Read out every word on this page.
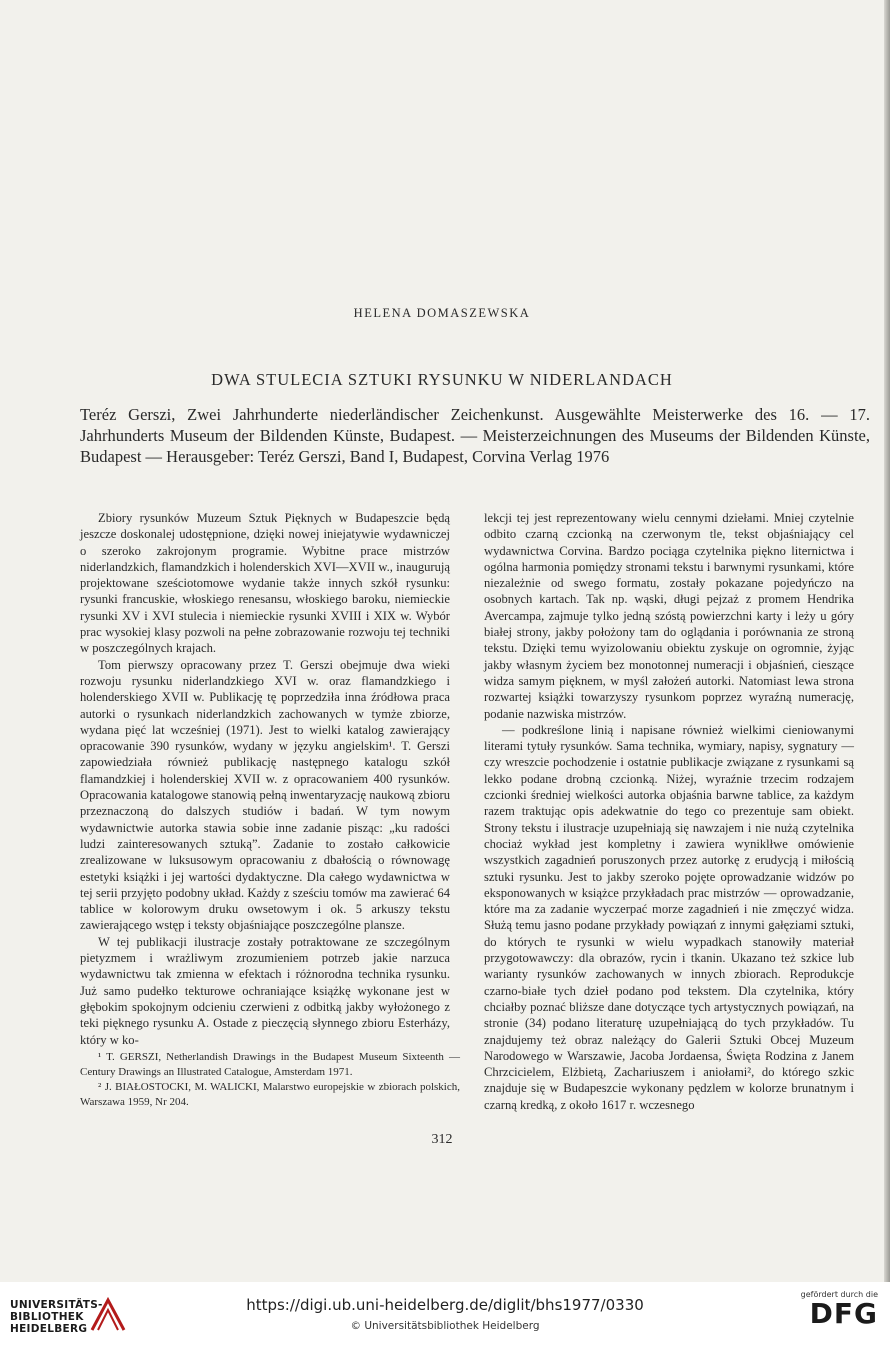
HELENA DOMASZEWSKA
DWA STULECIA SZTUKI RYSUNKU W NIDERLANDACH
Teréz Gerszi, Zwei Jahrhunderte niederländischer Zeichenkunst. Ausgewählte Meisterwerke des 16. — 17. Jahrhunderts Museum der Bildenden Künste, Budapest. — Meisterzeichnungen des Museums der Bildenden Künste, Budapest — Herausgeber: Teréz Gerszi, Band I, Budapest, Corvina Verlag 1976

Zbiory rysunków Muzeum Sztuk Pięknych w Budapeszcie będą jeszcze doskonalej udostępnione, dzięki nowej iniejatywie wydawniczej o szeroko zakrojonym programie. Wybitne prace mistrzów niderlandzkich, flamandzkich i holenderskich XVI—XVII w., inaugurują projektowane sześciotomowe wydanie także innych szkół rysunku: rysunki francuskie, włoskiego renesansu, włoskiego baroku, niemieckie rysunki XV i XVI stulecia i niemieckie rysunki XVIII i XIX w. Wybór prac wysokiej klasy pozwoli na pełne zobrazowanie rozwoju tej techniki w poszczególnych krajach.

Tom pierwszy opracowany przez T. Gerszi obejmuje dwa wieki rozwoju rysunku niderlandzkiego XVI w. oraz flamandzkiego i holenderskiego XVII w. Publikację tę poprzedziła inna źródłowa praca autorki o rysunkach niderlandzkich zachowanych w tymże zbiorze, wydana pięć lat wcześniej (1971). Jest to wielki katalog zawierający opracowanie 390 rysunków, wydany w języku angielskim¹. T. Gerszi zapowiedziała również publikację następnego katalogu szkół flamandzkiej i holenderskiej XVII w. z opracowaniem 400 rysunków. Opracowania katalogowe stanowią pełną inwentaryzację naukową zbioru przeznaczoną do dalszych studiów i badań. W tym nowym wydawnictwie autorka stawia sobie inne zadanie pisząc: „ku radości ludzi zainteresowanych sztuką”. Zadanie to zostało całkowicie zrealizowane w luksusowym opracowaniu z dbałością o równowagę estetyki książki i jej wartości dydaktyczne. Dla całego wydawnictwa w tej serii przyjęto podobny układ. Każdy z sześciu tomów ma zawierać 64 tablice w kolorowym druku owsetowym i ok. 5 arkuszy tekstu zawierającego wstęp i teksty objaśniające poszczególne plansze.

W tej publikacji ilustracje zostały potraktowane ze szczególnym pietyzmem i wrażliwym zrozumieniem potrzeb jakie narzuca wydawnictwu tak zmienna w efektach i różnorodna technika rysunku. Już samo pudełko tekturowe ochraniające książkę wykonane jest w głębokim spokojnym odcieniu czerwieni z odbitką jakby wyłożonego z teki pięknego rysunku A. Ostade z pieczęcią słynnego zbioru Esterházy, który w ko-

lekcji tej jest reprezentowany wielu cennymi dziełami. Mniej czytelnie odbito czarną czcionką na czerwonym tle, tekst objaśniający cel wydawnictwa Corvina. Bardzo pociąga czytelnika piękno liternictwa i ogólna harmonia pomiędzy stronami tekstu i barwnymi rysunkami, które niezależnie od swego formatu, zostały pokazane pojedyńczo na osobnych kartach. Tak np. wąski, długi pejzaż z promem Hendrika Avercampa, zajmuje tylko jedną szóstą powierzchni karty i leży u góry białej strony, jakby położony tam do oglądania i porównania ze stroną tekstu. Dzięki temu wyizolowaniu obiektu zyskuje on ogromnie, żyjąc jakby własnym życiem bez monotonnej numeracji i objaśnień, cieszące widza samym pięknem, w myśl założeń autorki. Natomiast lewa strona rozwartej książki towarzyszy rysunkom poprzez wyraźną numerację, podanie nazwiska mistrzów.

— podkreślone linią i napisane również wielkimi cieniowanymi literami tytuły rysunków. Sama technika, wymiary, napisy, sygnatury — czy wreszcie pochodzenie i ostatnie publikacje związane z rysunkami są lekko podane drobną czcionką. Niżej, wyraźnie trzecim rodzajem czcionki średniej wielkości autorka objaśnia barwne tablice, za każdym razem traktując opis adekwatnie do tego co prezentuje sam obiekt. Strony tekstu i ilustracje uzupełniają się nawzajem i nie nużą czytelnika chociaż wykład jest kompletny i zawiera wyniklłwe omówienie wszystkich zagadnień poruszonych przez autorkę z erudycją i miłością sztuki rysunku. Jest to jakby szeroko pojęte oprowadzanie widzów po eksponowanych w książce przykładach prac mistrzów — oprowadzanie, które ma za zadanie wyczerpać morze zagadnień i nie zmęczyć widza. Służą temu jasno podane przykłady powiązań z innymi gałęziami sztuki, do których te rysunki w wielu wypadkach stanowiły materiał przygotowawczy: dla obrazów, rycin i tkanin. Ukazano też szkice lub warianty rysunków zachowanych w innych zbiorach. Reprodukcje czarno-białe tych dzieł podano pod tekstem. Dla czytelnika, który chciałby poznać bliższe dane dotyczące tych artystycznych powiązań, na stronie (34) podano literaturę uzupełniającą do tych przykładów. Tu znajdujemy też obraz należący do Galerii Sztuki Obcej Muzeum Narodowego w Warszawie, Jacoba Jordaensa, Święta Rodzina z Janem Chrzcicielem, Elżbietą, Zachariuszem i aniołami², do którego szkic znajduje się w Budapeszcie wykonany pędzlem w kolorze brunatnym i czarną kredką, z około 1617 r. wczesnego

¹ T. GERSZI, Netherlandish Drawings in the Budapest Museum Sixteenth — Century Drawings an Illustrated Catalogue, Amsterdam 1971.

² J. BIAŁOSTOCKI, M. WALICKI, Malarstwo europejskie w zbiorach polskich, Warszawa 1959, Nr 204.

312
UNIVERSITÄTS-
BIBLIOTHEK
HEIDELBERG
https://digi.ub.uni-heidelberg.de/diglit/bhs1977/0330
© Universitätsbibliothek Heidelberg
gefördert durch die
DFG
